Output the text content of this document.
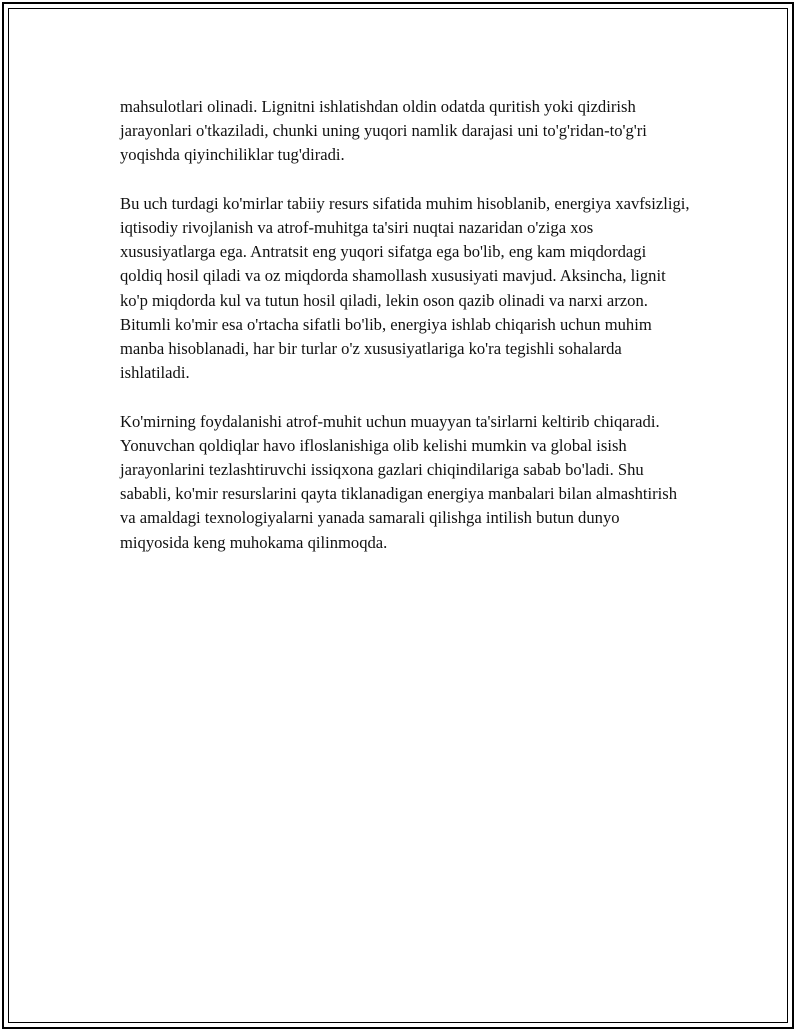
mahsulotlari olinadi. Lignitni ishlatishdan oldin odatda quritish yoki qizdirish jarayonlari o'tkaziladi, chunki uning yuqori namlik darajasi uni to'g'ridan-to'g'ri yoqishda qiyinchiliklar tug'diradi.

Bu uch turdagi ko'mirlar tabiiy resurs sifatida muhim hisoblanib, energiya xavfsizligi, iqtisodiy rivojlanish va atrof-muhitga ta'siri nuqtai nazaridan o'ziga xos xususiyatlarga ega. Antratsit eng yuqori sifatga ega bo'lib, eng kam miqdordagi qoldiq hosil qiladi va oz miqdorda shamollash xususiyati mavjud. Aksincha, lignit ko'p miqdorda kul va tutun hosil qiladi, lekin oson qazib olinadi va narxi arzon. Bitumli ko'mir esa o'rtacha sifatli bo'lib, energiya ishlab chiqarish uchun muhim manba hisoblanadi, har bir turlar o'z xususiyatlariga ko'ra tegishli sohalarda ishlatiladi.

Ko'mirning foydalanishi atrof-muhit uchun muayyan ta'sirlarni keltirib chiqaradi. Yonuvchan qoldiqlar havo ifloslanishiga olib kelishi mumkin va global isish jarayonlarini tezlashtiruvchi issiqxona gazlari chiqindilariga sabab bo'ladi. Shu sababli, ko'mir resurslarini qayta tiklanadigan energiya manbalari bilan almashtirish va amaldagi texnologiyalarni yanada samarali qilishga intilish butun dunyo miqyosida keng muhokama qilinmoqda.
